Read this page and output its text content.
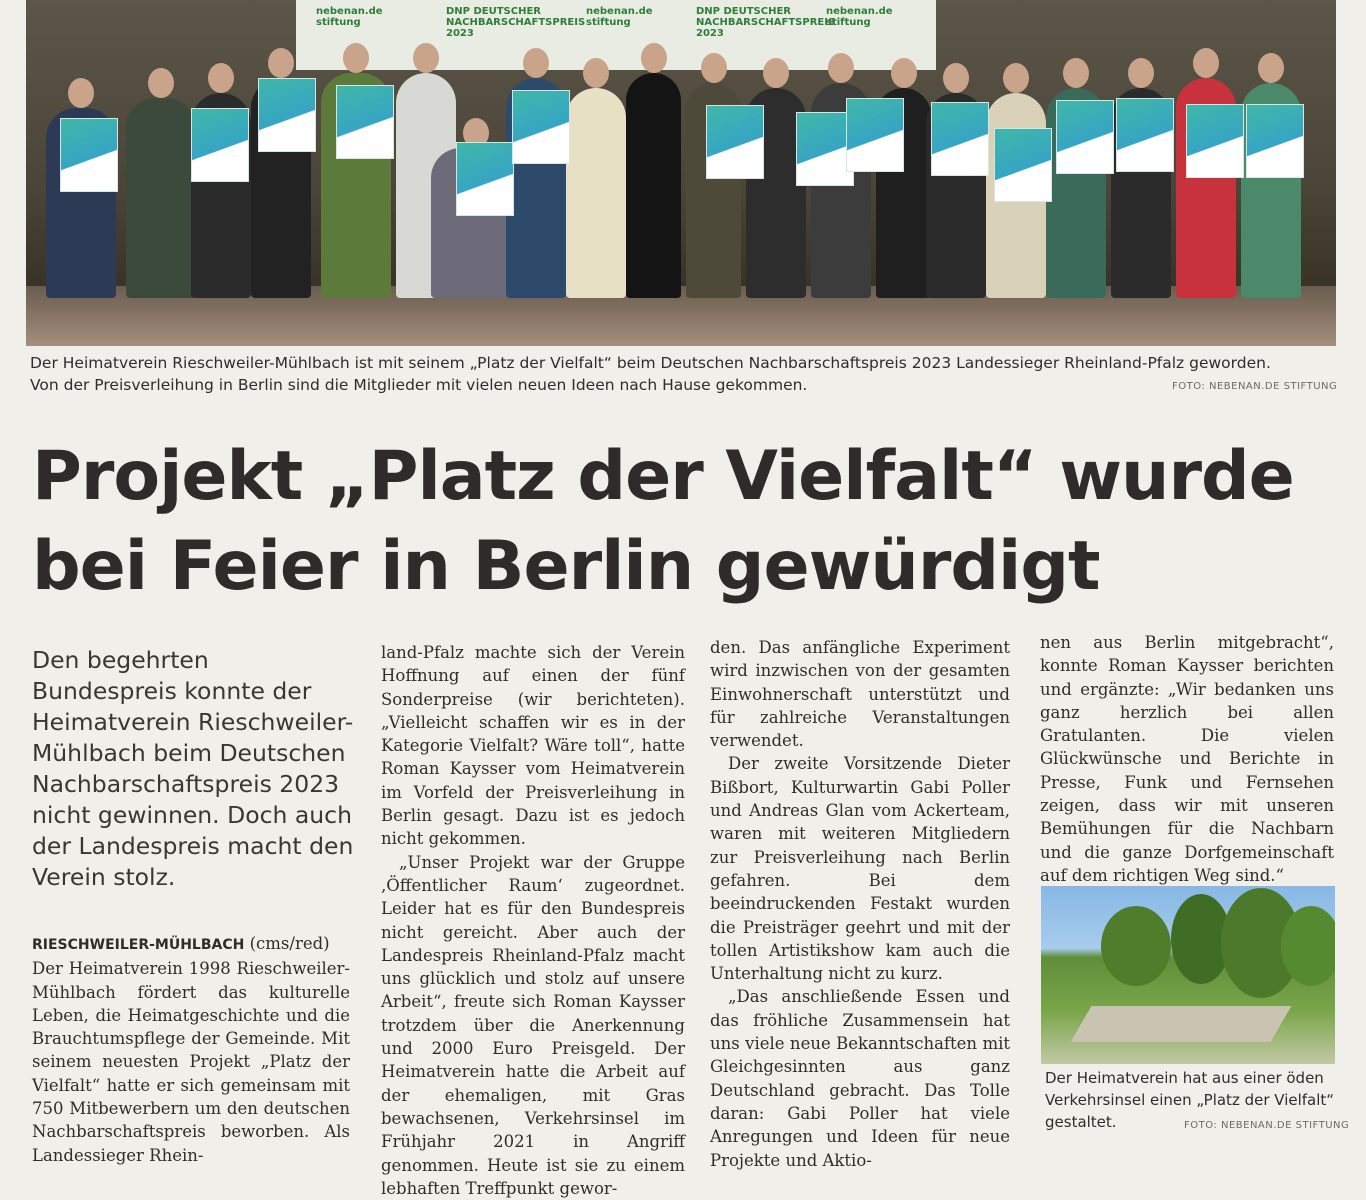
nebenan.de stiftung
DNP DEUTSCHER NACHBARSCHAFTSPREIS 2023
nebenan.de stiftung
DNP DEUTSCHER NACHBARSCHAFTSPREIS 2023
nebenan.de stiftung
Der Heimatverein Rieschweiler-Mühlbach ist mit seinem „Platz der Vielfalt“ beim Deutschen Nachbarschaftspreis 2023 Landessieger Rheinland-Pfalz geworden.
Von der Preisverleihung in Berlin sind die Mitglieder mit vielen neuen Ideen nach Hause gekommen.	FOTO: NEBENAN.DE STIFTUNG
Projekt „Platz der Vielfalt“ wurde
bei Feier in Berlin gewürdigt
Den begehrten Bundespreis konnte der Heimatverein Rieschweiler-Mühlbach beim Deutschen Nachbarschaftspreis 2023 nicht gewinnen. Doch auch der Landespreis macht den Verein stolz.

RIESCHWEILER-MÜHLBACH (cms/red)

Der Heimatverein 1998 Rieschweiler-Mühlbach fördert das kulturelle Leben, die Heimatgeschichte und die Brauchtumspflege der Gemeinde. Mit seinem neuesten Projekt „Platz der Vielfalt“ hatte er sich gemeinsam mit 750 Mitbewerbern um den deutschen Nachbarschaftspreis beworben. Als Landessieger Rhein-

land-Pfalz machte sich der Verein Hoffnung auf einen der fünf Sonderpreise (wir berichteten). „Vielleicht schaffen wir es in der Kategorie Vielfalt? Wäre toll“, hatte Roman Kaysser vom Heimatverein im Vorfeld der Preisverleihung in Berlin gesagt. Dazu ist es jedoch nicht gekommen.

„Unser Projekt war der Gruppe ‚Öffentlicher Raum‘ zugeordnet. Leider hat es für den Bundespreis nicht gereicht. Aber auch der Landespreis Rheinland-Pfalz macht uns glücklich und stolz auf unsere Arbeit“, freute sich Roman Kaysser trotzdem über die Anerkennung und 2000 Euro Preisgeld. Der Heimatverein hatte die Arbeit auf der ehemaligen, mit Gras bewachsenen, Verkehrsinsel im Frühjahr 2021 in Angriff genommen. Heute ist sie zu einem lebhaften Treffpunkt gewor-

den. Das anfängliche Experiment wird inzwischen von der gesamten Einwohnerschaft unterstützt und für zahlreiche Veranstaltungen verwendet.

Der zweite Vorsitzende Dieter Bißbort, Kulturwartin Gabi Poller und Andreas Glan vom Ackerteam, waren mit weiteren Mitgliedern zur Preisverleihung nach Berlin gefahren. Bei dem beeindruckenden Festakt wurden die Preisträger geehrt und mit der tollen Artistikshow kam auch die Unterhaltung nicht zu kurz.

„Das anschließende Essen und das fröhliche Zusammensein hat uns viele neue Bekanntschaften mit Gleichgesinnten aus ganz Deutschland gebracht. Das Tolle daran: Gabi Poller hat viele Anregungen und Ideen für neue Projekte und Aktio-

nen aus Berlin mitgebracht“, konnte Roman Kaysser berichten und ergänzte: „Wir bedanken uns ganz herzlich bei allen Gratulanten. Die vielen Glückwünsche und Berichte in Presse, Funk und Fernsehen zeigen, dass wir mit unseren Bemühungen für die Nachbarn und die ganze Dorfgemeinschaft auf dem richtigen Weg sind.“

Der Heimatverein hat aus einer öden Verkehrsinsel einen „Platz der Vielfalt“ gestaltet.	FOTO: NEBENAN.DE STIFTUNG
